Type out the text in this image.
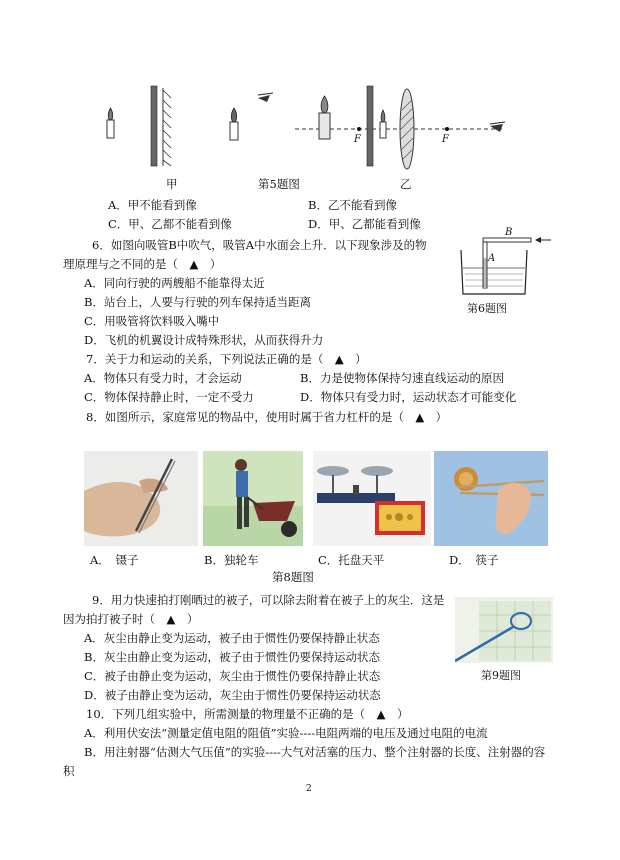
甲	第5题图	乙
F	F
A．甲不能看到像	B．乙不能看到像
C．甲、乙都不能看到像	D．甲、乙都能看到像
6．如图向吸管B中吹气，吸管A中水面会上升．以下现象涉及的物
理原理与之不同的是（　▲　）
A．同向行驶的两艘船不能靠得太近
B．站台上，人要与行驶的列车保持适当距离
C．用吸管将饮料吸入嘴中
D．飞机的机翼设计成特殊形状，从而获得升力
B
A
第6题图
7．关于力和运动的关系，下列说法正确的是（　▲　）
A．物体只有受力时，才会运动	B．力是使物体保持匀速直线运动的原因
C．物体保持静止时，一定不受力	D．物体只有受力时，运动状态才可能变化
8．如图所示，家庭常见的物品中，使用时属于省力杠杆的是（　▲　）
A．　镊子	B．独轮车	C．托盘天平	D．　筷子
第8题图
9．用力快速拍打刚晒过的被子，可以除去附着在被子上的灰尘．这是
因为拍打被子时（　▲　）
A．灰尘由静止变为运动，被子由于惯性仍要保持静止状态
B．灰尘由静止变为运动，被子由于惯性仍要保持运动状态
C．被子由静止变为运动，灰尘由于惯性仍要保持静止状态
D．被子由静止变为运动，灰尘由于惯性仍要保持运动状态
第9题图
10．下列几组实验中，所需测量的物理量不正确的是（　▲　）
A．利用伏安法“测量定值电阻的阻值”实验----电阻两端的电压及通过电阻的电流
B．用注射器“估测大气压值”的实验----大气对活塞的压力、整个注射器的长度、注射器的容
积
2
